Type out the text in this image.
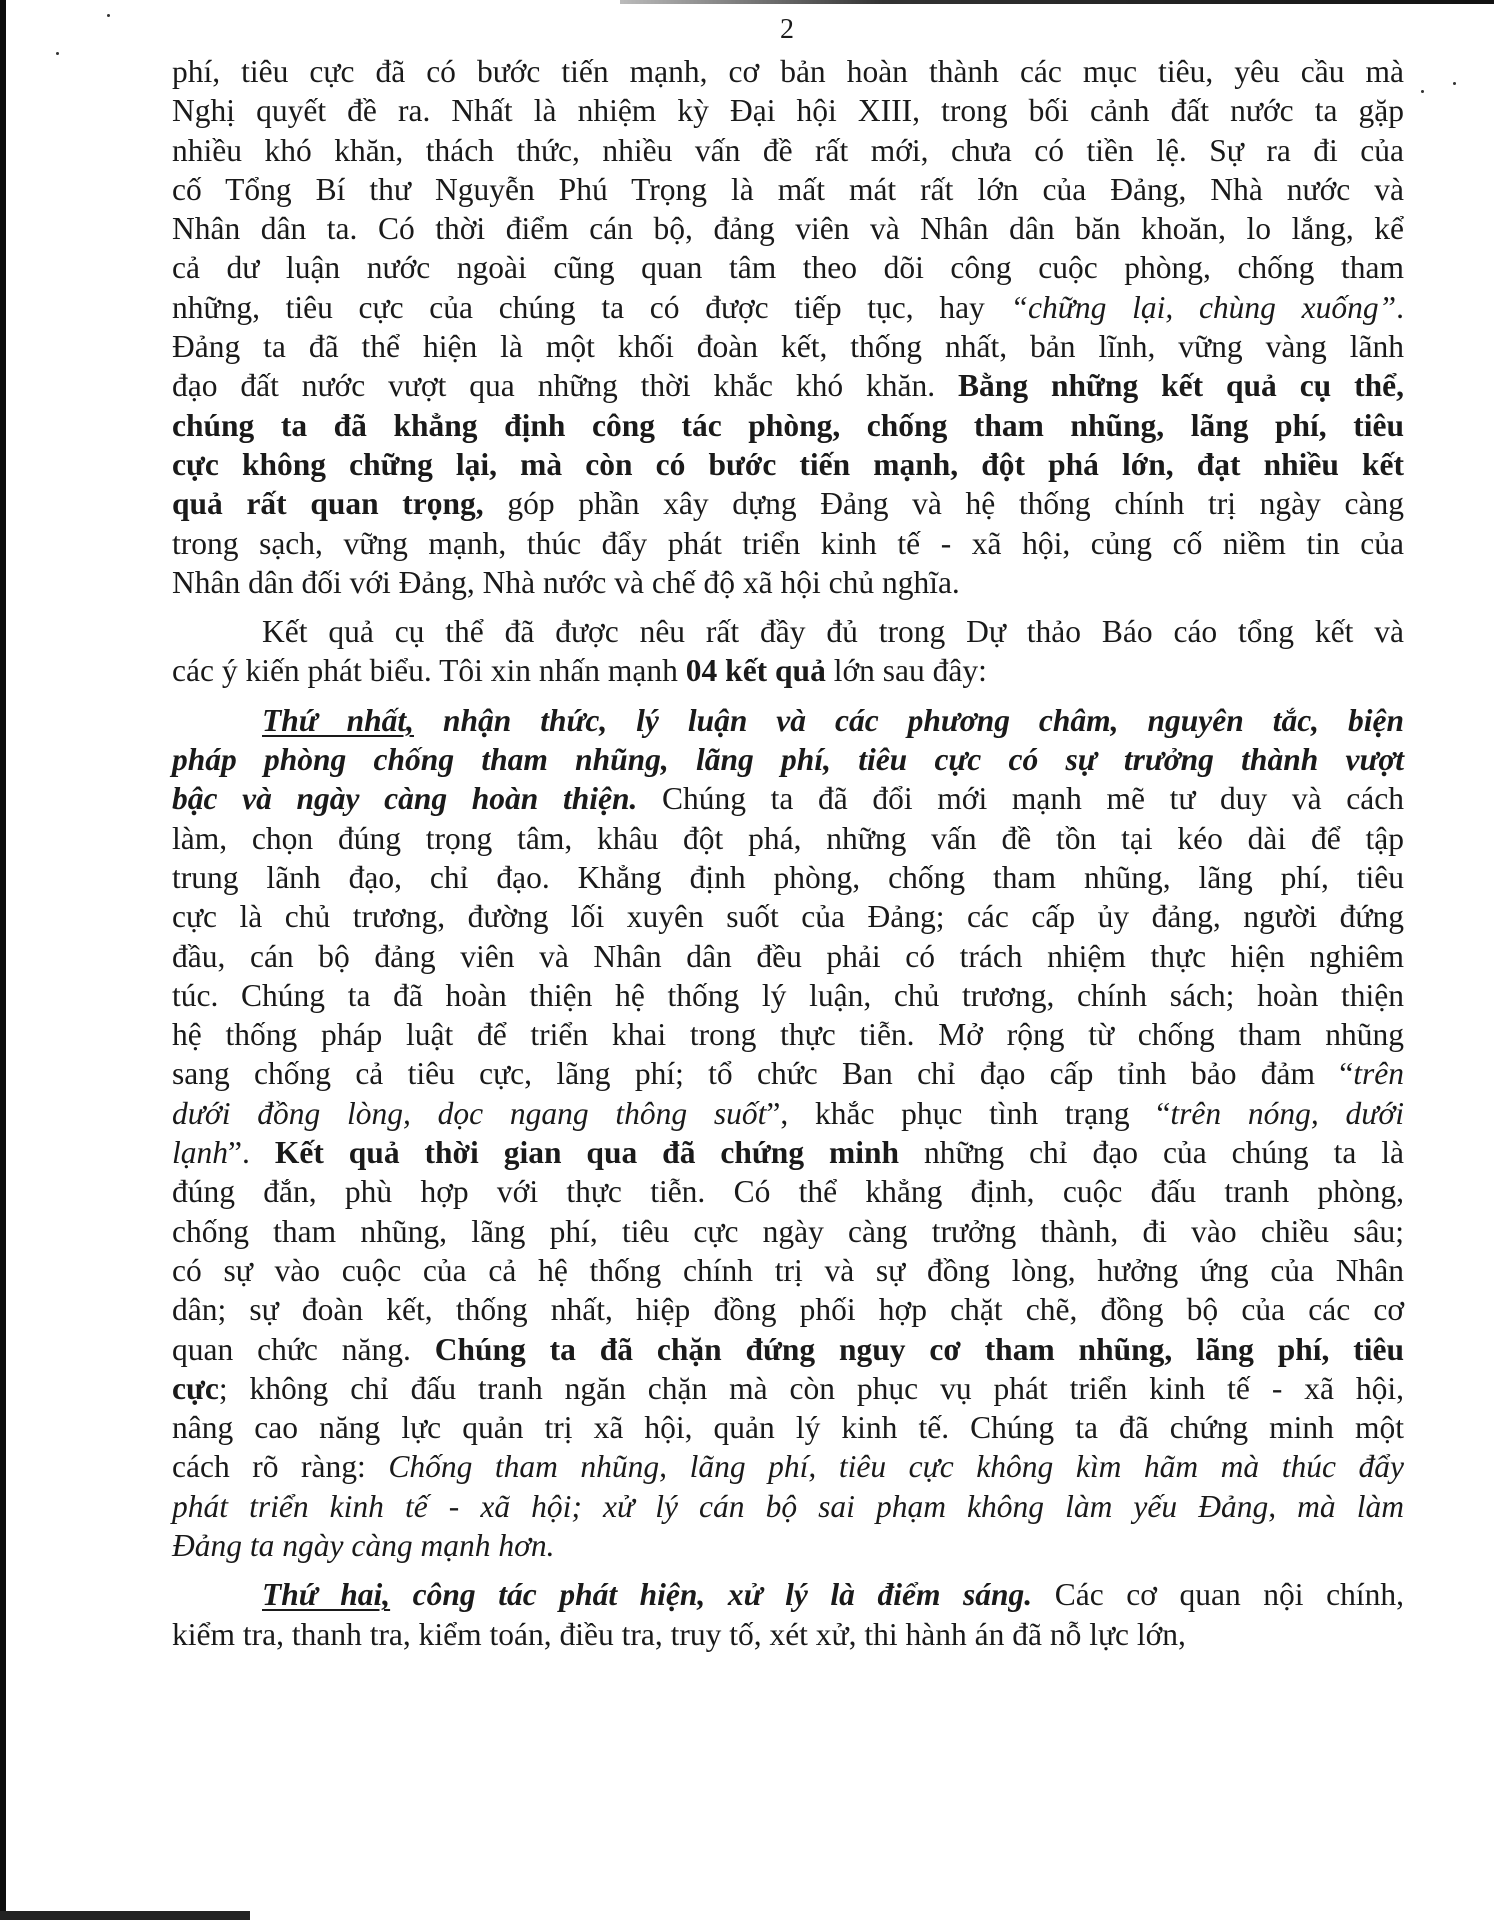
2
phí, tiêu cực đã có bước tiến mạnh, cơ bản hoàn thành các mục tiêu, yêu cầu mà
Nghị quyết đề ra. Nhất là nhiệm kỳ Đại hội XIII, trong bối cảnh đất nước ta gặp
nhiều khó khăn, thách thức, nhiều vấn đề rất mới, chưa có tiền lệ. Sự ra đi của
cố Tổng Bí thư Nguyễn Phú Trọng là mất mát rất lớn của Đảng, Nhà nước và
Nhân dân ta. Có thời điểm cán bộ, đảng viên và Nhân dân băn khoăn, lo lắng, kể
cả dư luận nước ngoài cũng quan tâm theo dõi công cuộc phòng, chống tham
những, tiêu cực của chúng ta có được tiếp tục, hay “chững lại, chùng xuống”.
Đảng ta đã thể hiện là một khối đoàn kết, thống nhất, bản lĩnh, vững vàng lãnh
đạo đất nước vượt qua những thời khắc khó khăn. Bằng những kết quả cụ thể,
chúng ta đã khẳng định công tác phòng, chống tham nhũng, lãng phí, tiêu
cực không chững lại, mà còn có bước tiến mạnh, đột phá lớn, đạt nhiều kết
quả rất quan trọng, góp phần xây dựng Đảng và hệ thống chính trị ngày càng
trong sạch, vững mạnh, thúc đẩy phát triển kinh tế - xã hội, củng cố niềm tin của
Nhân dân đối với Đảng, Nhà nước và chế độ xã hội chủ nghĩa.
Kết quả cụ thể đã được nêu rất đầy đủ trong Dự thảo Báo cáo tổng kết và
các ý kiến phát biểu. Tôi xin nhấn mạnh 04 kết quả lớn sau đây:
Thứ nhất, nhận thức, lý luận và các phương châm, nguyên tắc, biện
pháp phòng chống tham nhũng, lãng phí, tiêu cực có sự trưởng thành vượt
bậc và ngày càng hoàn thiện. Chúng ta đã đổi mới mạnh mẽ tư duy và cách
làm, chọn đúng trọng tâm, khâu đột phá, những vấn đề tồn tại kéo dài để tập
trung lãnh đạo, chỉ đạo. Khẳng định phòng, chống tham nhũng, lãng phí, tiêu
cực là chủ trương, đường lối xuyên suốt của Đảng; các cấp ủy đảng, người đứng
đầu, cán bộ đảng viên và Nhân dân đều phải có trách nhiệm thực hiện nghiêm
túc. Chúng ta đã hoàn thiện hệ thống lý luận, chủ trương, chính sách; hoàn thiện
hệ thống pháp luật để triển khai trong thực tiễn. Mở rộng từ chống tham nhũng
sang chống cả tiêu cực, lãng phí; tổ chức Ban chỉ đạo cấp tỉnh bảo đảm “trên
dưới đồng lòng, dọc ngang thông suốt”, khắc phục tình trạng “trên nóng, dưới
lạnh”. Kết quả thời gian qua đã chứng minh những chỉ đạo của chúng ta là
đúng đắn, phù hợp với thực tiễn. Có thể khẳng định, cuộc đấu tranh phòng,
chống tham nhũng, lãng phí, tiêu cực ngày càng trưởng thành, đi vào chiều sâu;
có sự vào cuộc của cả hệ thống chính trị và sự đồng lòng, hưởng ứng của Nhân
dân; sự đoàn kết, thống nhất, hiệp đồng phối hợp chặt chẽ, đồng bộ của các cơ
quan chức năng. Chúng ta đã chặn đứng nguy cơ tham nhũng, lãng phí, tiêu
cực; không chỉ đấu tranh ngăn chặn mà còn phục vụ phát triển kinh tế - xã hội,
nâng cao năng lực quản trị xã hội, quản lý kinh tế. Chúng ta đã chứng minh một
cách rõ ràng: Chống tham nhũng, lãng phí, tiêu cực không kìm hãm mà thúc đẩy
phát triển kinh tế - xã hội; xử lý cán bộ sai phạm không làm yếu Đảng, mà làm
Đảng ta ngày càng mạnh hơn.
Thứ hai, công tác phát hiện, xử lý là điểm sáng. Các cơ quan nội chính,
kiểm tra, thanh tra, kiểm toán, điều tra, truy tố, xét xử, thi hành án đã nỗ lực lớn,
